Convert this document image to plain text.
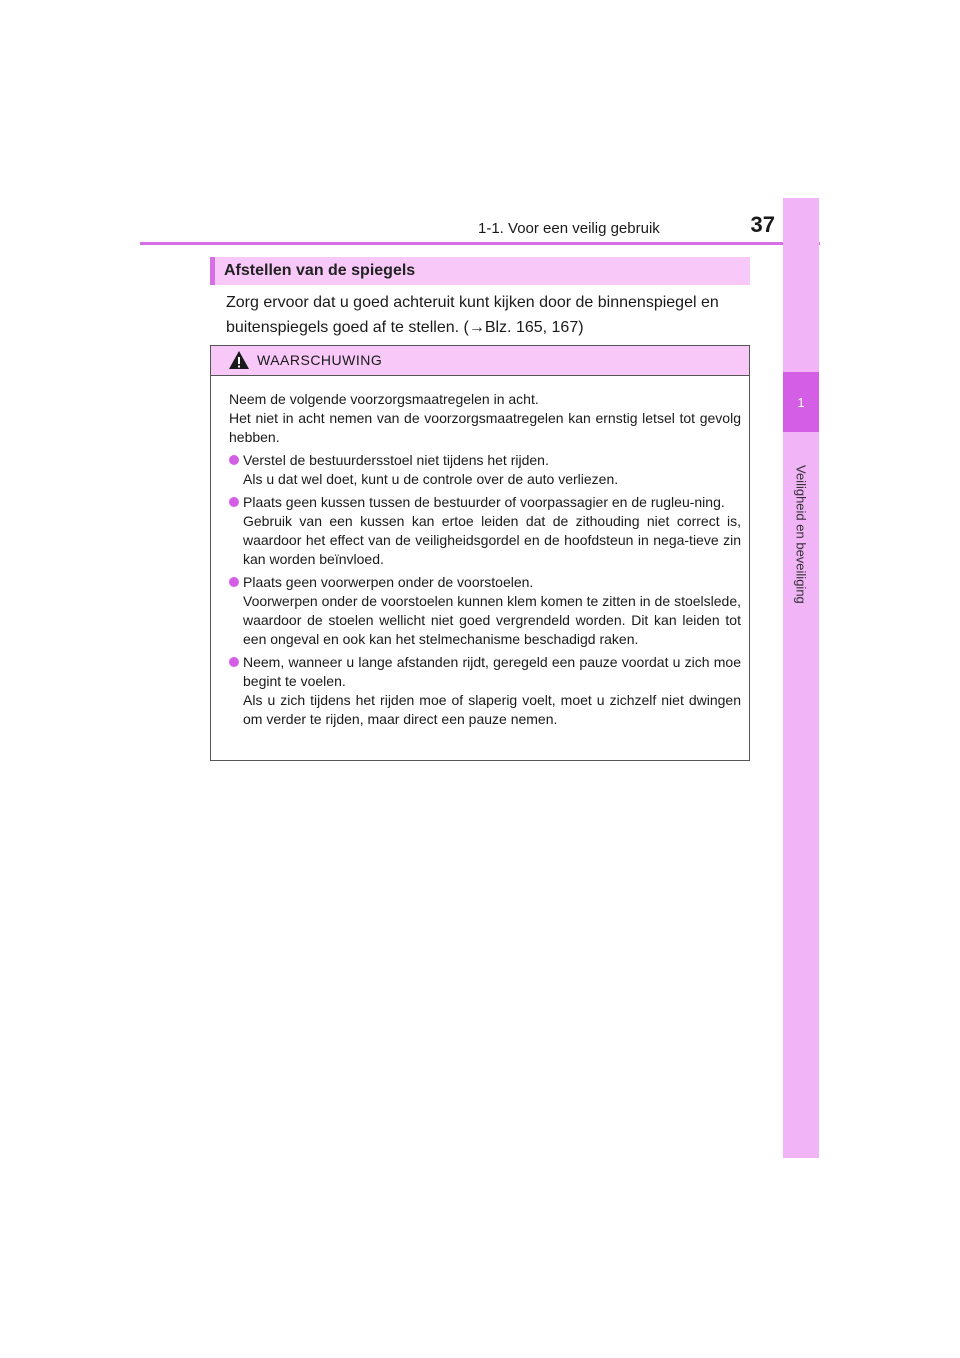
1-1. Voor een veilig gebruik	37
1
Veiligheid en beveiliging
Afstellen van de spiegels
Zorg ervoor dat u goed achteruit kunt kijken door de binnenspiegel en
buitenspiegels goed af te stellen. (→Blz. 165, 167)
WAARSCHUWING
Neem de volgende voorzorgsmaatregelen in acht.
Het niet in acht nemen van de voorzorgsmaatregelen kan ernstig letsel tot gevolg hebben.
Verstel de bestuurdersstoel niet tijdens het rijden.
Als u dat wel doet, kunt u de controle over de auto verliezen.
Plaats geen kussen tussen de bestuurder of voorpassagier en de rugleu-ning.
Gebruik van een kussen kan ertoe leiden dat de zithouding niet correct is, waardoor het effect van de veiligheidsgordel en de hoofdsteun in nega-tieve zin kan worden beïnvloed.
Plaats geen voorwerpen onder de voorstoelen.
Voorwerpen onder de voorstoelen kunnen klem komen te zitten in de stoelslede, waardoor de stoelen wellicht niet goed vergrendeld worden. Dit kan leiden tot een ongeval en ook kan het stelmechanisme beschadigd raken.
Neem, wanneer u lange afstanden rijdt, geregeld een pauze voordat u zich moe begint te voelen.
Als u zich tijdens het rijden moe of slaperig voelt, moet u zichzelf niet dwingen om verder te rijden, maar direct een pauze nemen.
